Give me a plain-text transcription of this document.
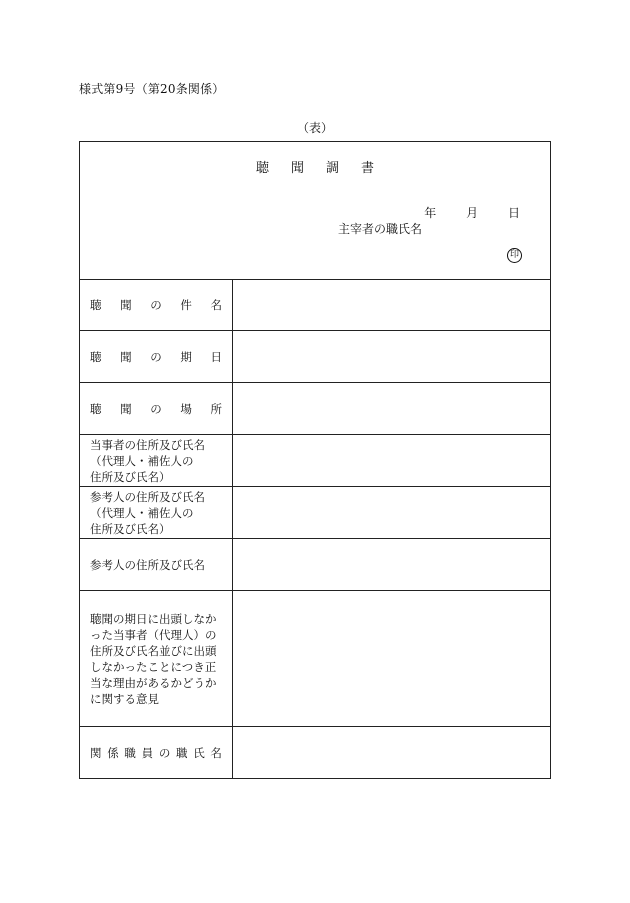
様式第9号（第20条関係）
（表）
聴聞調書
年 月 日
主宰者の職氏名
印
聴 聞 の 件 名
聴 聞 の 期 日
聴 聞 の 場 所
当事者の住所及び氏名
（代理人・補佐人の
住所及び氏名）
参考人の住所及び氏名
（代理人・補佐人の
住所及び氏名）
参考人の住所及び氏名
聴聞の期日に出頭しなかった当事者（代理人）の住所及び氏名並びに出頭しなかったことにつき正当な理由があるかどうかに関する意見
関 係 職 員 の 職 氏 名
